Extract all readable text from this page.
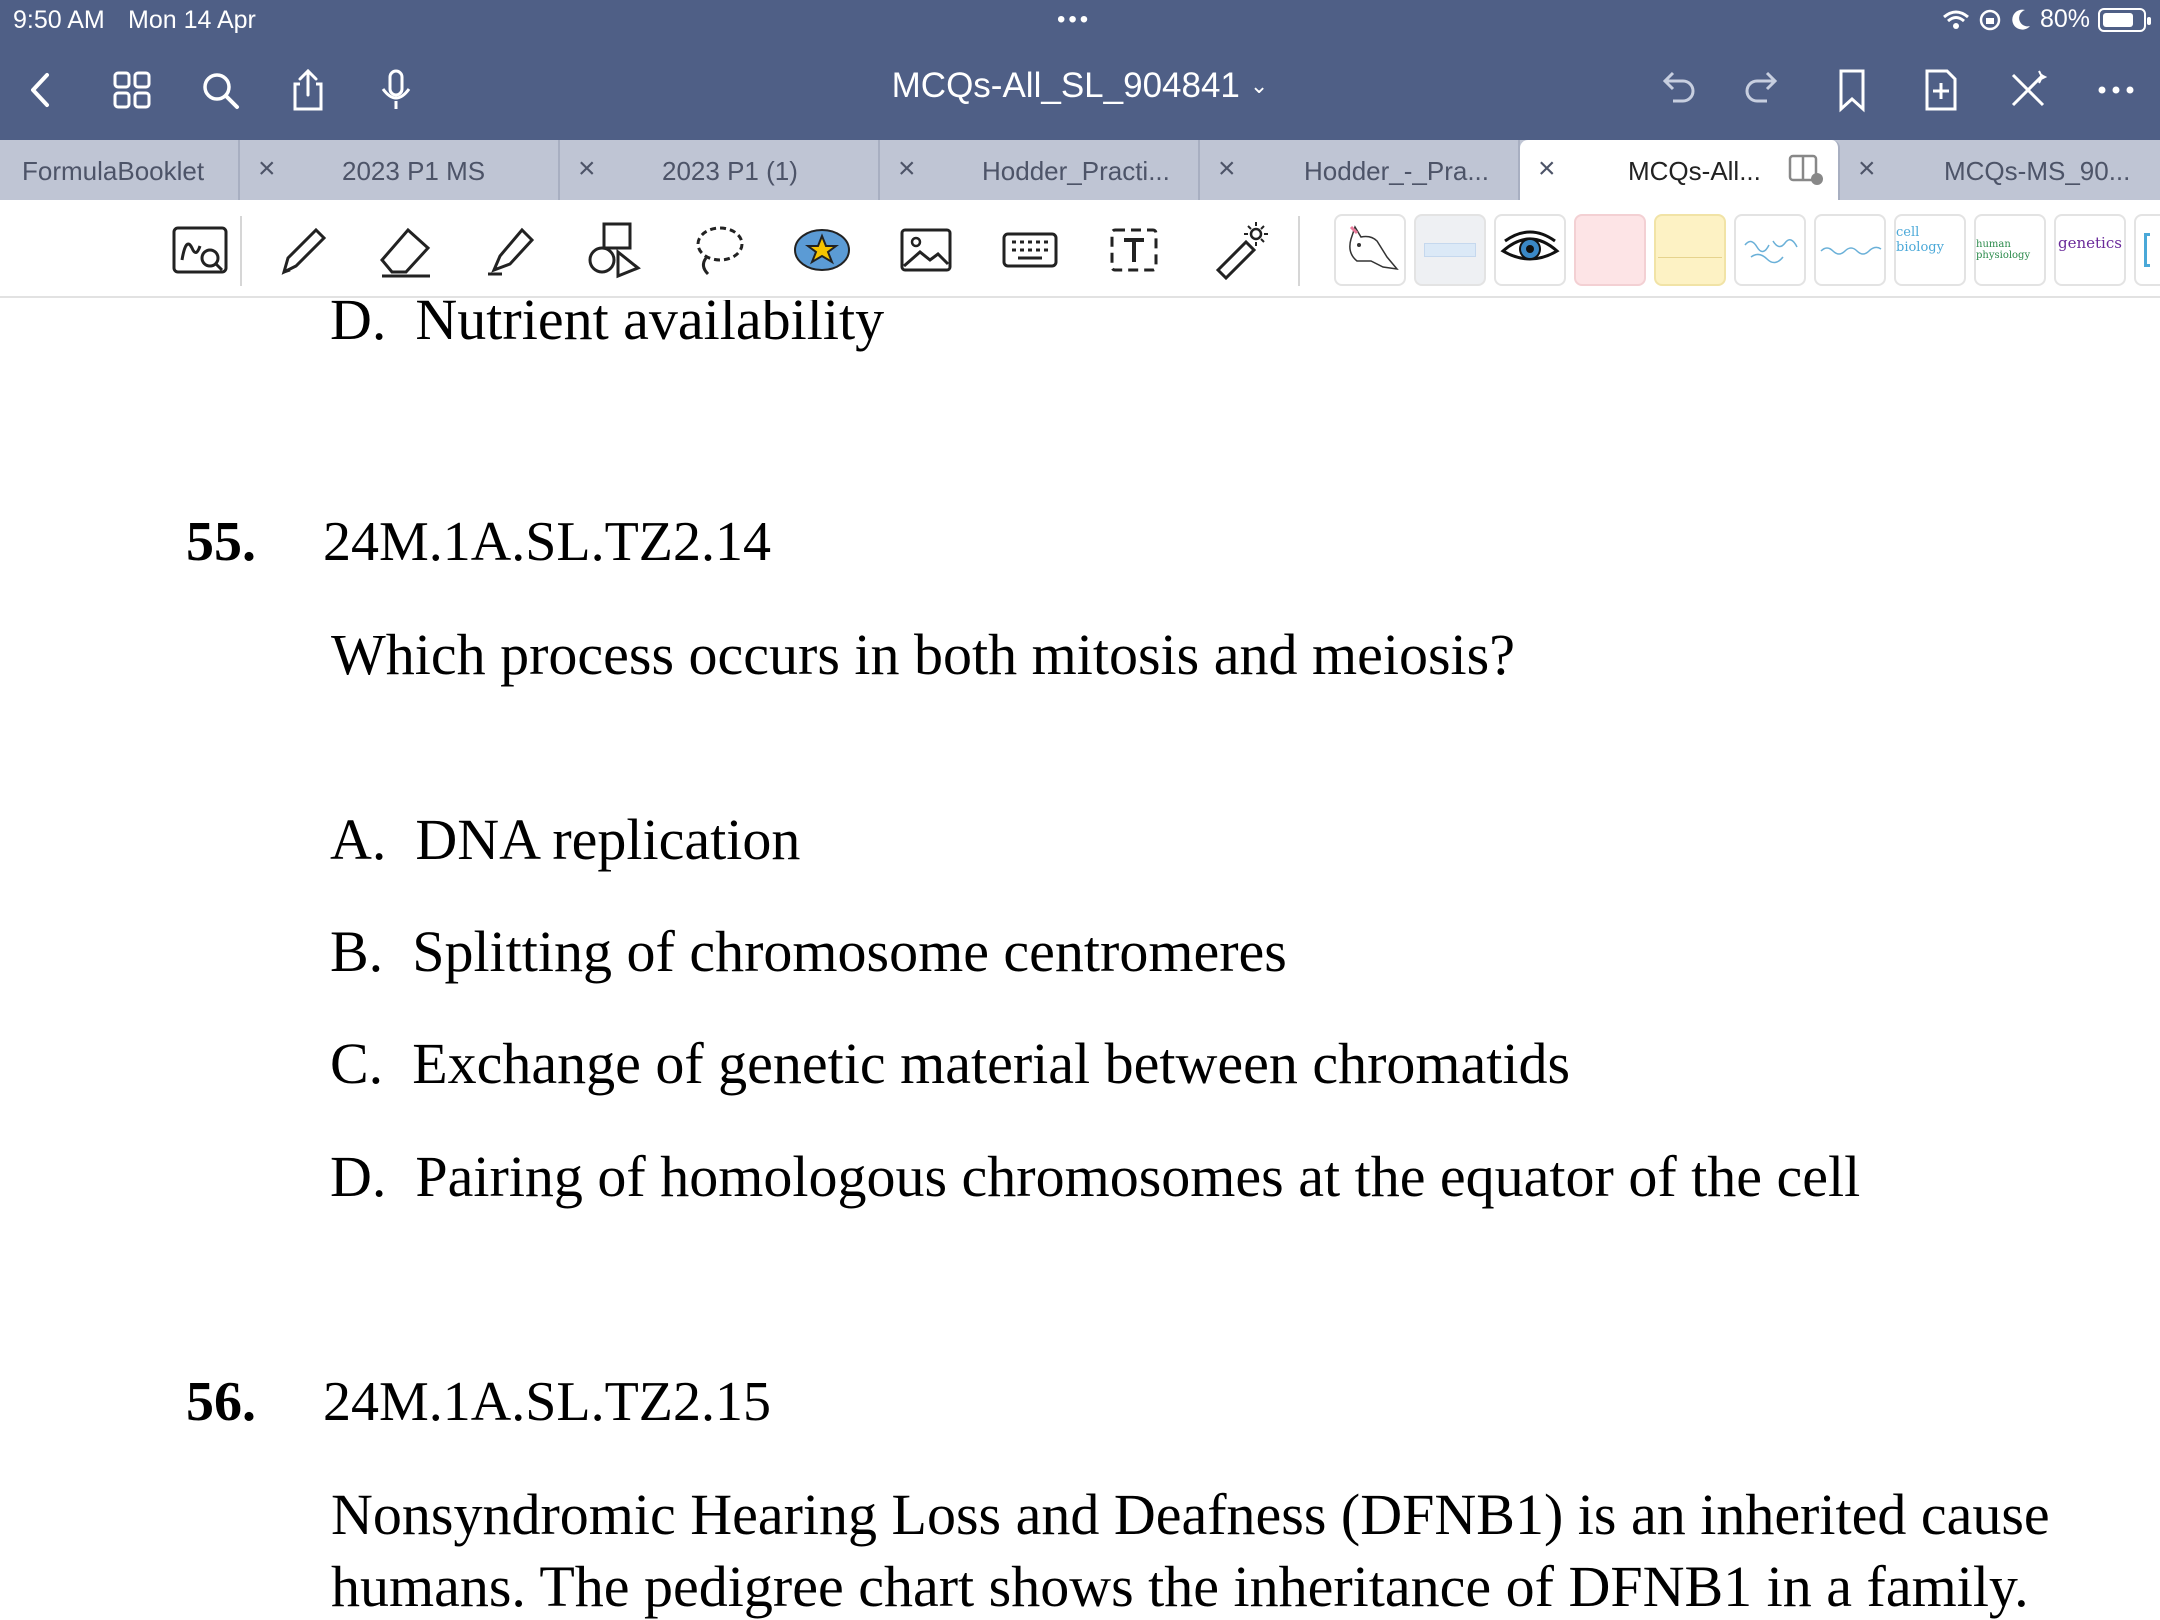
9:50 AM Mon 14 Apr	•••	80%
MCQs-All_SL_904841 ⌄
FormulaBooklet ×	2023 P1 MS	×	2023 P1 (1)	×	Hodder_Practi... ×	Hodder_-_Pra... ×	MCQs-All...	×	MCQs-MS_90...
cell biology	human physiology
genetics
D. Nutrient availability
55. 24M.1A.SL.TZ2.14
Which process occurs in both mitosis and meiosis?
A. DNA replication
B. Splitting of chromosome centromeres
C. Exchange of genetic material between chromatids
D. Pairing of homologous chromosomes at the equator of the cell
56. 24M.1A.SL.TZ2.15
Nonsyndromic Hearing Loss and Deafness (DFNB1) is an inherited cause
humans. The pedigree chart shows the inheritance of DFNB1 in a family.
